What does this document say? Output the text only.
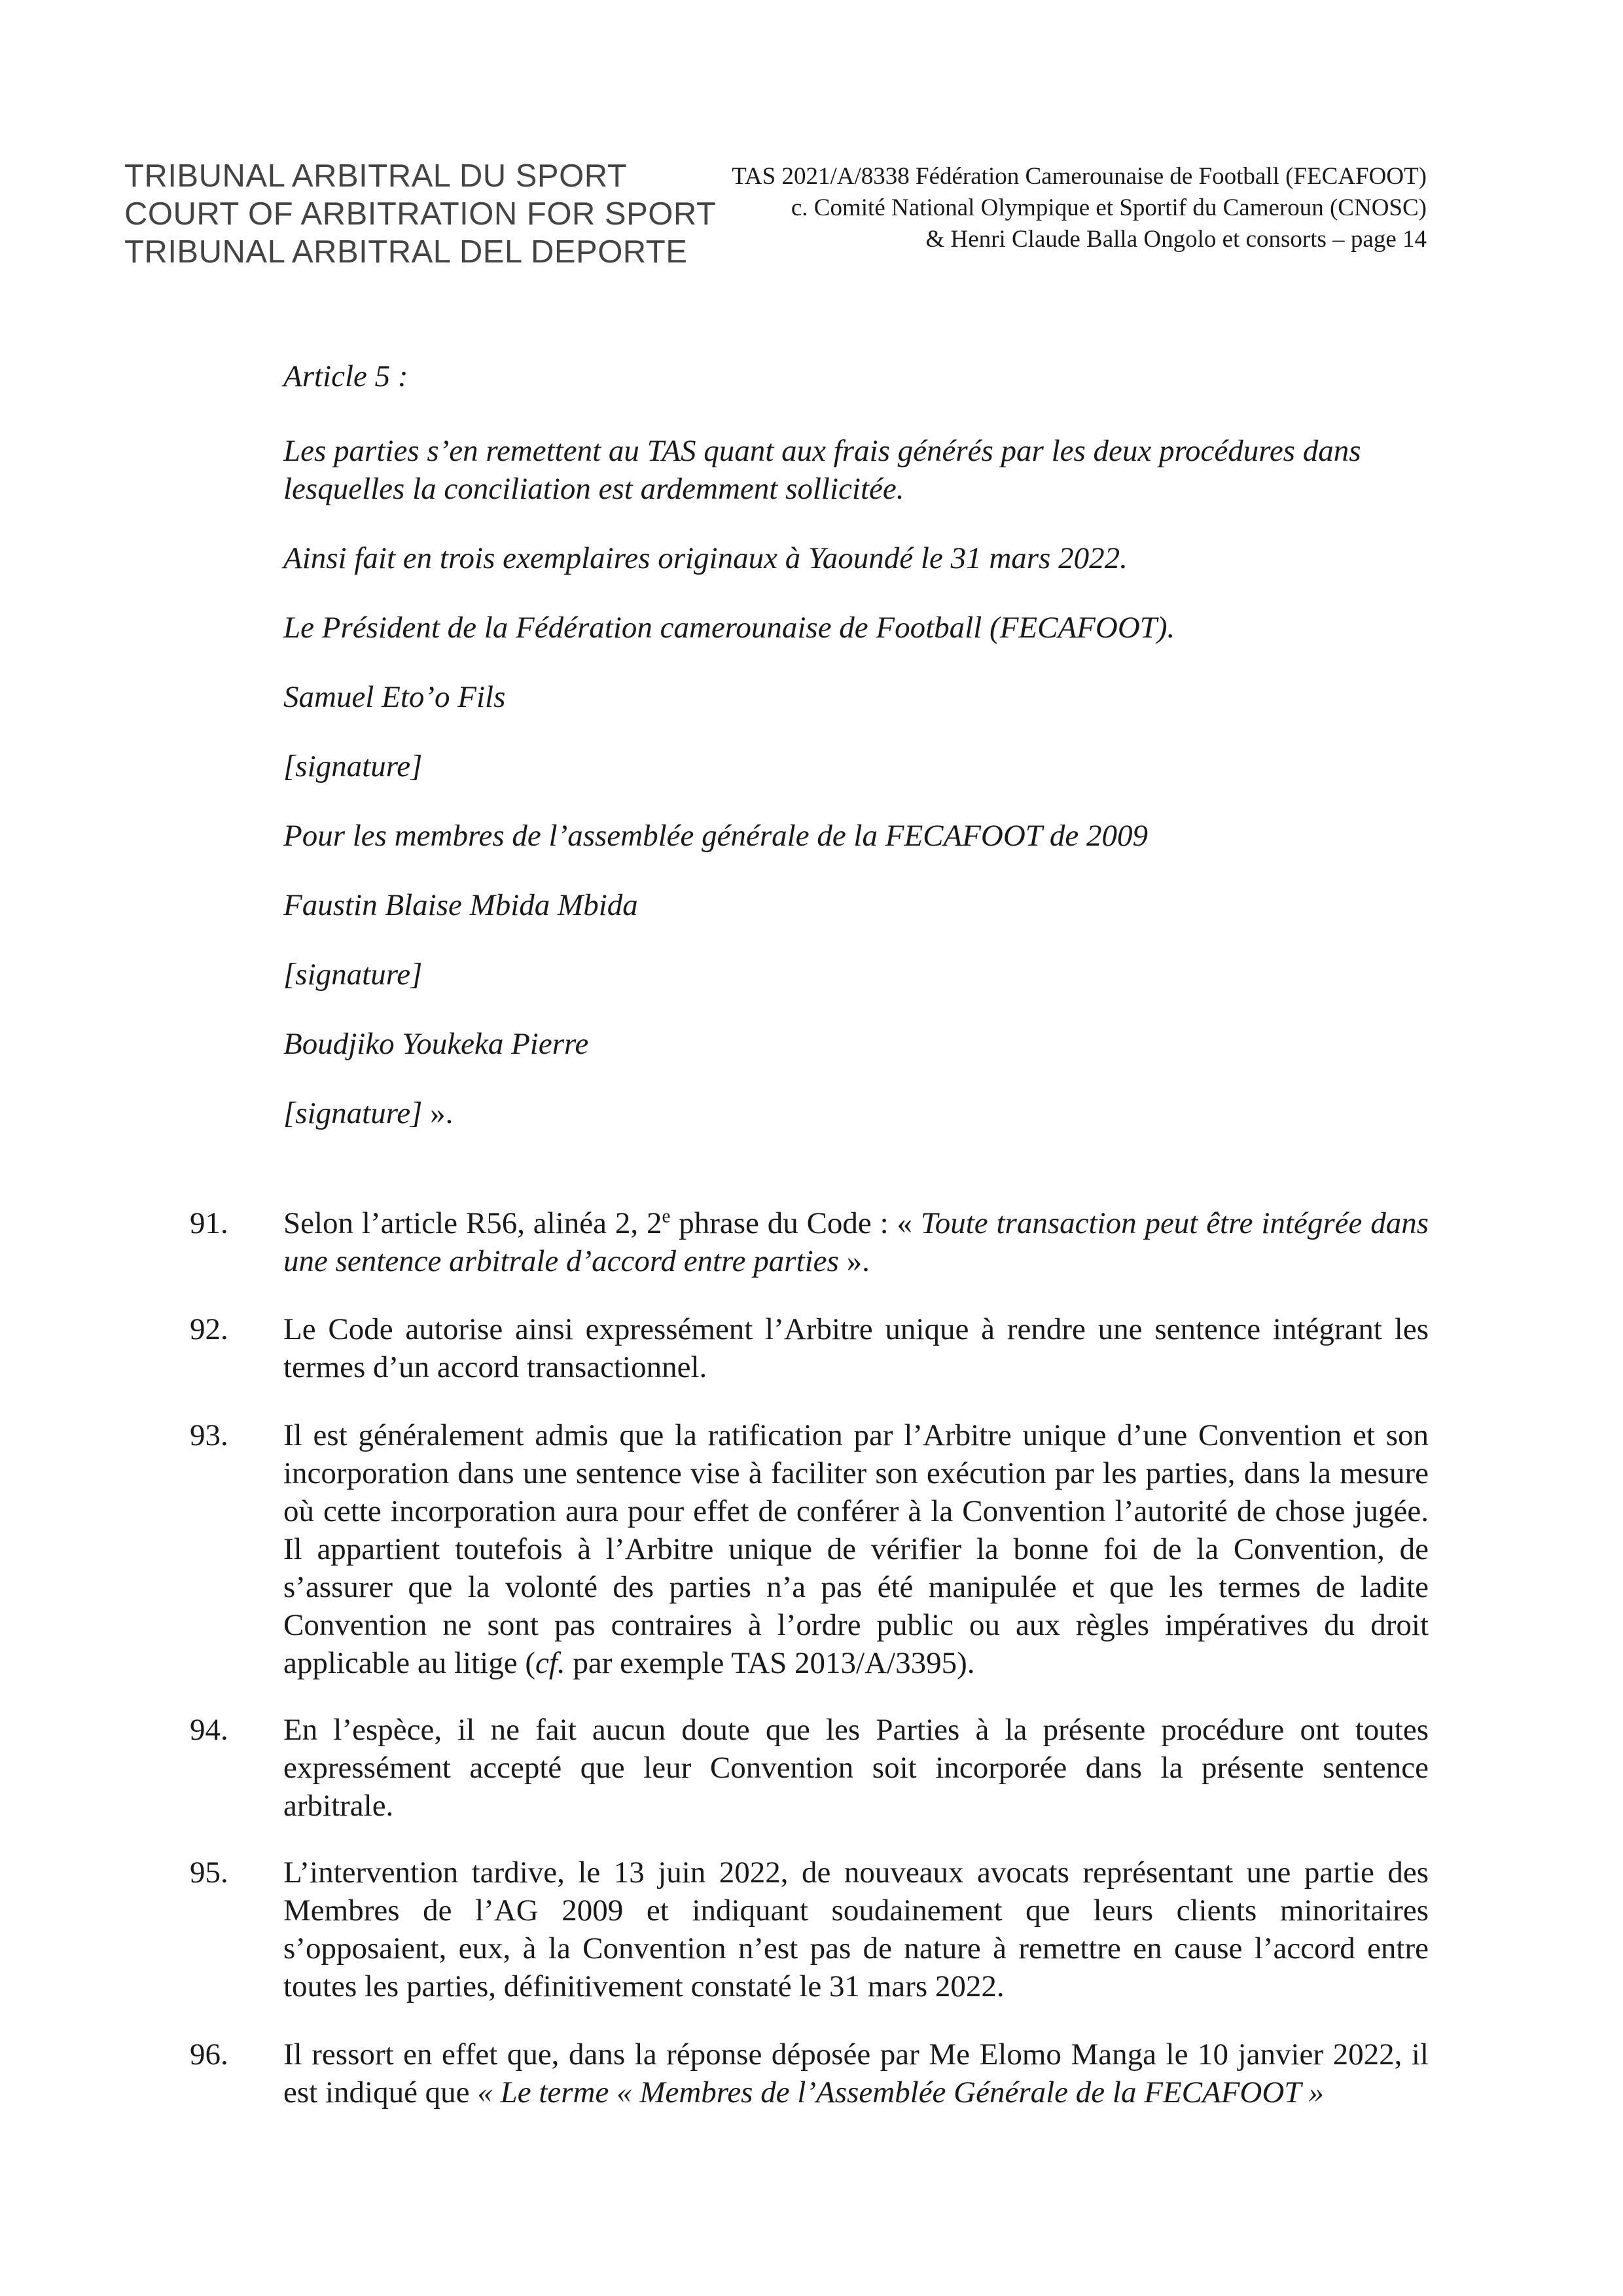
TRIBUNAL ARBITRAL DU SPORT
COURT OF ARBITRATION FOR SPORT
TRIBUNAL ARBITRAL DEL DEPORTE
TAS 2021/A/8338 Fédération Camerounaise de Football (FECAFOOT)
c. Comité National Olympique et Sportif du Cameroun (CNOSC)
& Henri Claude Balla Ongolo et consorts – page 14
Article 5 :
Les parties s’en remettent au TAS quant aux frais générés par les deux procédures dans lesquelles la conciliation est ardemment sollicitée.
Ainsi fait en trois exemplaires originaux à Yaoundé le 31 mars 2022.
Le Président de la Fédération camerounaise de Football (FECAFOOT).
Samuel Eto’o Fils
[signature]
Pour les membres de l’assemblée générale de la FECAFOOT de 2009
Faustin Blaise Mbida Mbida
[signature]
Boudjiko Youkeka Pierre
[signature] ».
91. Selon l’article R56, alinéa 2, 2e phrase du Code : « Toute transaction peut être intégrée dans une sentence arbitrale d’accord entre parties ».
92. Le Code autorise ainsi expressément l’Arbitre unique à rendre une sentence intégrant les termes d’un accord transactionnel.
93. Il est généralement admis que la ratification par l’Arbitre unique d’une Convention et son incorporation dans une sentence vise à faciliter son exécution par les parties, dans la mesure où cette incorporation aura pour effet de conférer à la Convention l’autorité de chose jugée. Il appartient toutefois à l’Arbitre unique de vérifier la bonne foi de la Convention, de s’assurer que la volonté des parties n’a pas été manipulée et que les termes de ladite Convention ne sont pas contraires à l’ordre public ou aux règles impératives du droit applicable au litige (cf. par exemple TAS 2013/A/3395).
94. En l’espèce, il ne fait aucun doute que les Parties à la présente procédure ont toutes expressément accepté que leur Convention soit incorporée dans la présente sentence arbitrale.
95. L’intervention tardive, le 13 juin 2022, de nouveaux avocats représentant une partie des Membres de l’AG 2009 et indiquant soudainement que leurs clients minoritaires s’opposaient, eux, à la Convention n’est pas de nature à remettre en cause l’accord entre toutes les parties, définitivement constaté le 31 mars 2022.
96. Il ressort en effet que, dans la réponse déposée par Me Elomo Manga le 10 janvier 2022, il est indiqué que « Le terme « Membres de l’Assemblée Générale de la FECAFOOT »
